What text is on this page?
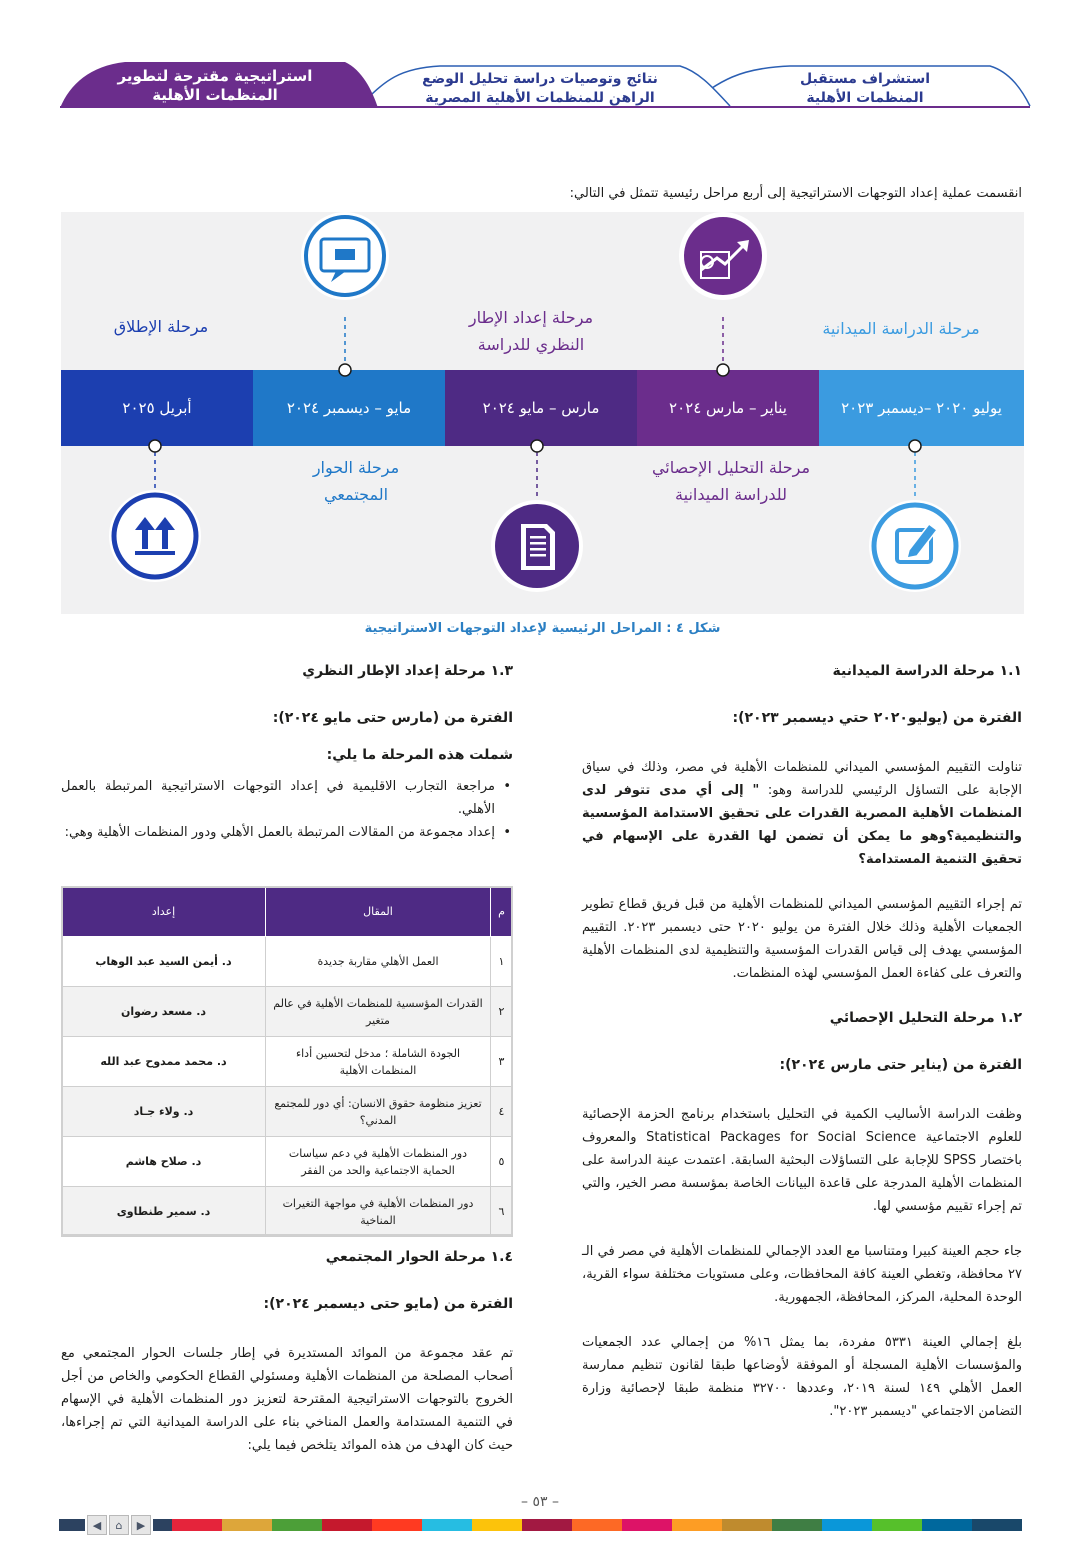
استراتيجية مقترحة لتطوير
المنظمات الأهلية
نتائج وتوصيات دراسة تحليل الوضع
الراهن للمنظمات الأهلية المصرية
استشراف مستقبل
المنظمات الأهلية
انقسمت عملية إعداد التوجهات الاستراتيجية إلى أربع مراحل رئيسية تتمثل في التالي:
يوليو ٢٠٢٠ –ديسمبر ٢٠٢٣
يناير – مارس ٢٠٢٤
مارس – مايو ٢٠٢٤
مايو – ديسمبر ٢٠٢٤
أبريل ٢٠٢٥
مرحلة الدراسة الميدانية
مرحلة إعداد الإطار
النظري للدراسة
مرحلة الإطلاق
مرحلة التحليل الإحصائي
للدراسة الميدانية
مرحلة الحوار
المجتمعي
شكل ٤ : المراحل الرئيسية لإعداد التوجهات الاستراتيجية
١.١ مرحلة الدراسة الميدانية
الفترة من (يوليو٢٠٢٠ حتي ديسمبر ٢٠٢٣):
تناولت التقييم المؤسسي الميداني للمنظمات الأهلية في مصر، وذلك في سياق الإجابة على التساؤل الرئيسي للدراسة وهو: " إلى أي مدى تتوفر لدى المنظمات الأهلية المصرية القدرات على تحقيق الاستدامة المؤسسية والتنظيمية؟وهو ما يمكن أن تضمن لها القدرة على الإسهام في تحقيق التنمية المستدامة؟
تم إجراء التقييم المؤسسي الميداني للمنظمات الأهلية من قبل فريق قطاع تطوير الجمعيات الأهلية وذلك خلال الفترة من يوليو ٢٠٢٠ حتى ديسمبر ٢٠٢٣. التقييم المؤسسي يهدف إلى قياس القدرات المؤسسية والتنظيمية لدى المنظمات الأهلية والتعرف على كفاءة العمل المؤسسي لهذه المنظمات.
١.٢ مرحلة التحليل الإحصائي
الفترة من (يناير حتى مارس ٢٠٢٤):
وظفت الدراسة الأساليب الكمية في التحليل باستخدام برنامج الحزمة الإحصائية للعلوم الاجتماعية Statistical Packages for Social Science والمعروف باختصار SPSS للإجابة على التساؤلات البحثية السابقة. اعتمدت عينة الدراسة على المنظمات الأهلية المدرجة على قاعدة البيانات الخاصة بمؤسسة مصر الخير، والتي تم إجراء تقييم مؤسسي لها.
جاء حجم العينة كبيرا ومتناسبا مع العدد الإجمالي للمنظمات الأهلية في مصر في الـ ٢٧ محافظة، وتغطي العينة كافة المحافظات، وعلى مستويات مختلفة سواء القرية، الوحدة المحلية، المركز، المحافظة، الجمهورية.
بلغ إجمالي العينة ٥٣٣١ مفردة، بما يمثل ١٦% من إجمالي عدد الجمعيات والمؤسسات الأهلية المسجلة أو الموفقة لأوضاعها طبقا لقانون تنظيم ممارسة العمل الأهلي ١٤٩ لسنة ٢٠١٩، وعددها ٣٢٧٠٠ منظمة طبقا لإحصائية وزارة التضامن الاجتماعي "ديسمبر ٢٠٢٣".
١.٣ مرحلة إعداد الإطار النظري
الفترة من (مارس حتى مايو ٢٠٢٤):
شملت هذه المرحلة ما يلي:
• مراجعة التجارب الاقليمية في إعداد التوجهات الاستراتيجية المرتبطة بالعمل الأهلي.
• إعداد مجموعة من المقالات المرتبطة بالعمل الأهلي ودور المنظمات الأهلية وهي:
م	المقال	إعداد
١	العمل الأهلي مقاربة جديدة	د. أيمن السيد عبد الوهاب
٢	القدرات المؤسسية للمنظمات الأهلية في عالم متغير	د. مسعد رضوان
٣	الجودة الشاملة ؛ مدخل لتحسين أداء المنظمات الأهلية	د. محمد ممدوح عبد الله
٤	تعزيز منظومة حقوق الانسان: أي دور للمجتمع المدني؟	د. ولاء جـاد
٥	دور المنظمات الأهلية في دعم سياسات الحماية الاجتماعية والحد من الفقر	د. صلاح هاشم
٦	دور المنظمات الأهلية في مواجهة التغيرات المناخية	د. سمير طنطاوى
١.٤ مرحلة الحوار المجتمعي
الفترة من (مايو حتى ديسمبر ٢٠٢٤):
تم عقد مجموعة من الموائد المستديرة في إطار جلسات الحوار المجتمعي مع أصحاب المصلحة من المنظمات الأهلية ومسئولي القطاع الحكومي والخاص من أجل الخروج بالتوجهات الاستراتيجية المقترحة لتعزيز دور المنظمات الأهلية في الإسهام في التنمية المستدامة والعمل المناخي بناء على الدراسة الميدانية التي تم إجراءها، حيث كان الهدف من هذه الموائد يتلخص فيما يلي:
– ٥٣ –
◀	⌂	▶
